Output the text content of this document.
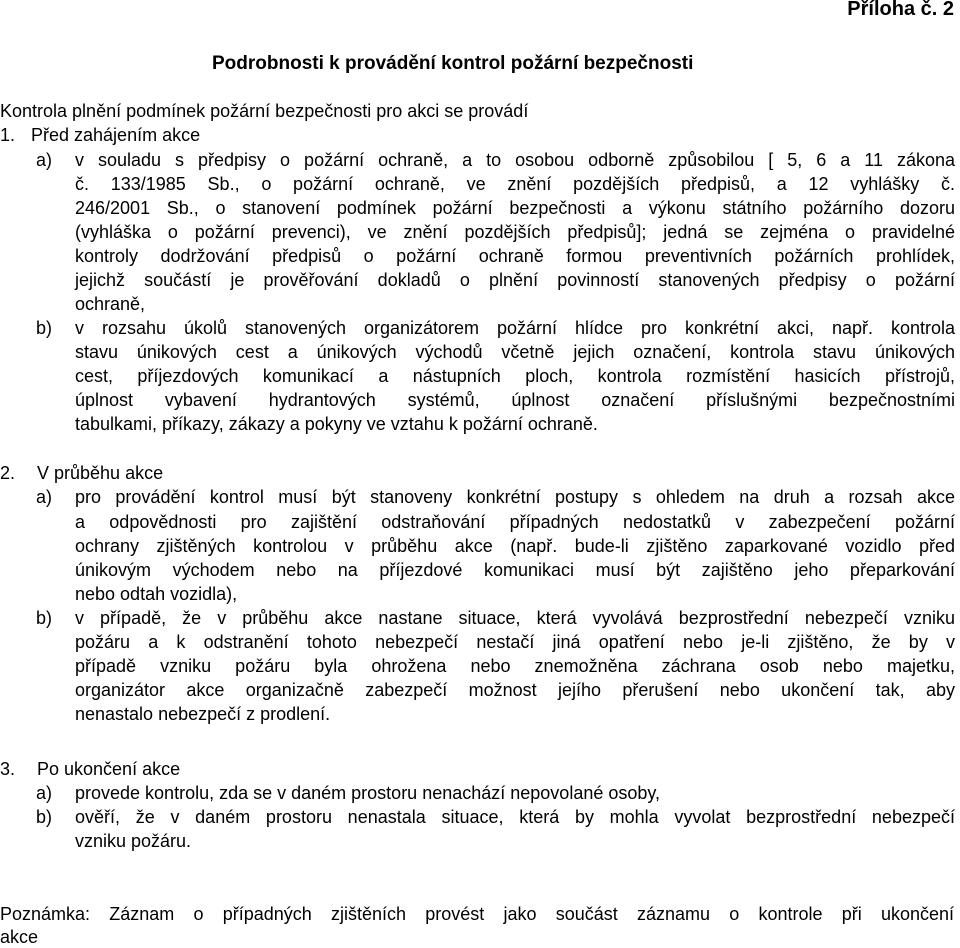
Příloha č. 2
Podrobnosti k provádění kontrol požární bezpečnosti
Kontrola plnění podmínek požární bezpečnosti pro akci se provádí
1. Před zahájením akce
a) v souladu s předpisy o požární ochraně, a to osobou odborně způsobilou [ 5, 6 a 11 zákona
č. 133/1985 Sb., o požární ochraně, ve znění pozdějších předpisů, a 12 vyhlášky č.
246/2001 Sb., o stanovení podmínek požární bezpečnosti a výkonu státního požárního dozoru
(vyhláška o požární prevenci), ve znění pozdějších předpisů]; jedná se zejména o pravidelné
kontroly dodržování předpisů o požární ochraně formou preventivních požárních prohlídek,
jejichž součástí je prověřování dokladů o plnění povinností stanovených předpisy o požární
ochraně,
b) v rozsahu úkolů stanovených organizátorem požární hlídce pro konkrétní akci, např. kontrola
stavu únikových cest a únikových východů včetně jejich označení, kontrola stavu únikových
cest, příjezdových komunikací a nástupních ploch, kontrola rozmístění hasicích přístrojů,
úplnost vybavení hydrantových systémů, úplnost označení příslušnými bezpečnostními
tabulkami, příkazy, zákazy a pokyny ve vztahu k požární ochraně.
2. V průběhu akce
a) pro provádění kontrol musí být stanoveny konkrétní postupy s ohledem na druh a rozsah akce
a odpovědnosti pro zajištění odstraňování případných nedostatků v zabezpečení požární
ochrany zjištěných kontrolou v průběhu akce (např. bude-li zjištěno zaparkované vozidlo před
únikovým východem nebo na příjezdové komunikaci musí být zajištěno jeho přeparkování
nebo odtah vozidla),
b) v případě, že v průběhu akce nastane situace, která vyvolává bezprostřední nebezpečí vzniku
požáru a k odstranění tohoto nebezpečí nestačí jiná opatření nebo je-li zjištěno, že by v
případě vzniku požáru byla ohrožena nebo znemožněna záchrana osob nebo majetku,
organizátor akce organizačně zabezpečí možnost jejího přerušení nebo ukončení tak, aby
nenastalo nebezpečí z prodlení.
3. Po ukončení akce
a) provede kontrolu, zda se v daném prostoru nenachází nepovolané osoby,
b) ověří, že v daném prostoru nenastala situace, která by mohla vyvolat bezprostřední nebezpečí
vzniku požáru.
Poznámka: Záznam o případných zjištěních provést jako součást záznamu o kontrole při ukončení
akce
